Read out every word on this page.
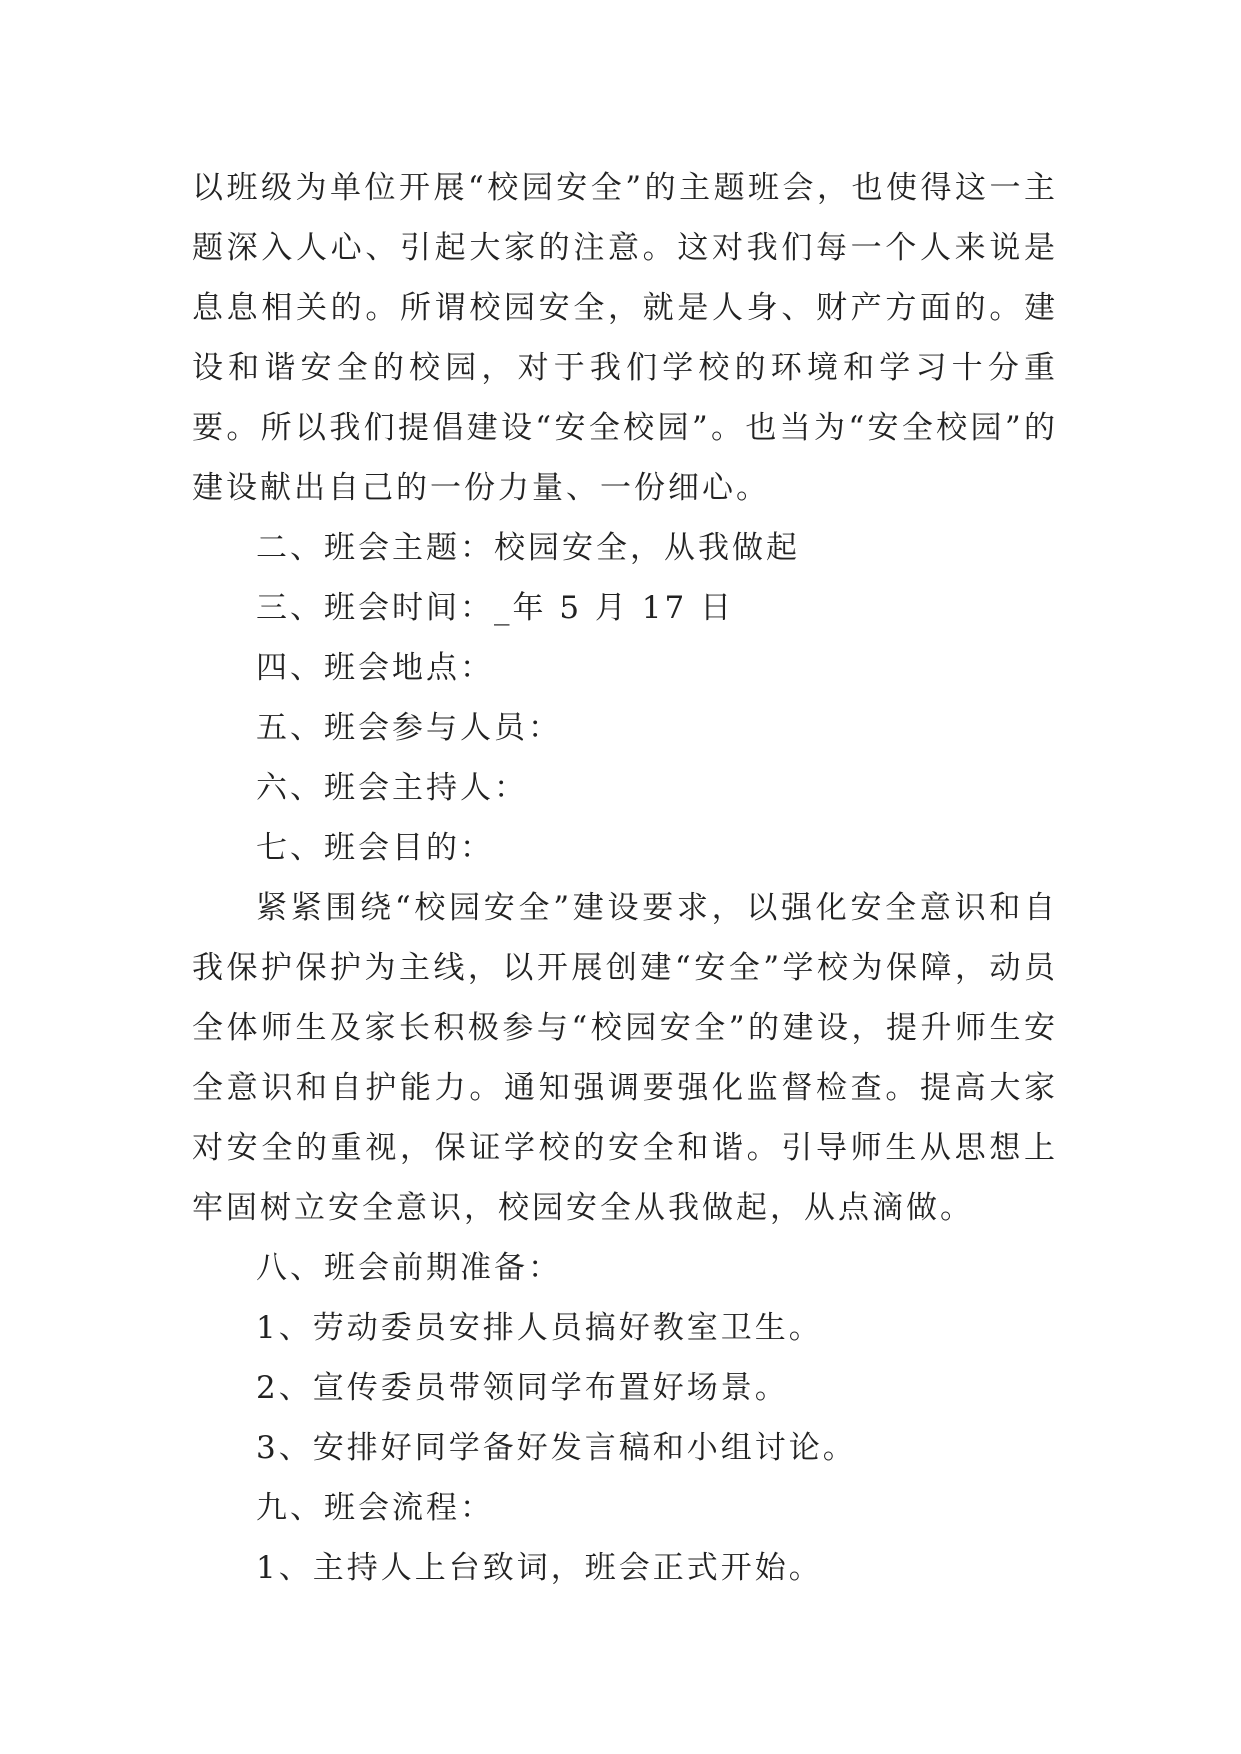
以班级为单位开展“校园安全”的主题班会，也使得这一主题深入人心、引起大家的注意。这对我们每一个人来说是息息相关的。所谓校园安全，就是人身、财产方面的。建设和谐安全的校园，对于我们学校的环境和学习十分重要。所以我们提倡建设“安全校园”。也当为“安全校园”的建设献出自己的一份力量、一份细心。

二、班会主题：校园安全，从我做起

三、班会时间：_年 5 月 17 日

四、班会地点：

五、班会参与人员：

六、班会主持人：

七、班会目的：

紧紧围绕“校园安全”建设要求，以强化安全意识和自我保护保护为主线，以开展创建“安全”学校为保障，动员全体师生及家长积极参与“校园安全”的建设，提升师生安全意识和自护能力。通知强调要强化监督检查。提高大家对安全的重视，保证学校的安全和谐。引导师生从思想上牢固树立安全意识，校园安全从我做起，从点滴做。

八、班会前期准备：

1、劳动委员安排人员搞好教室卫生。

2、宣传委员带领同学布置好场景。

3、安排好同学备好发言稿和小组讨论。

九、班会流程：

1、主持人上台致词，班会正式开始。
